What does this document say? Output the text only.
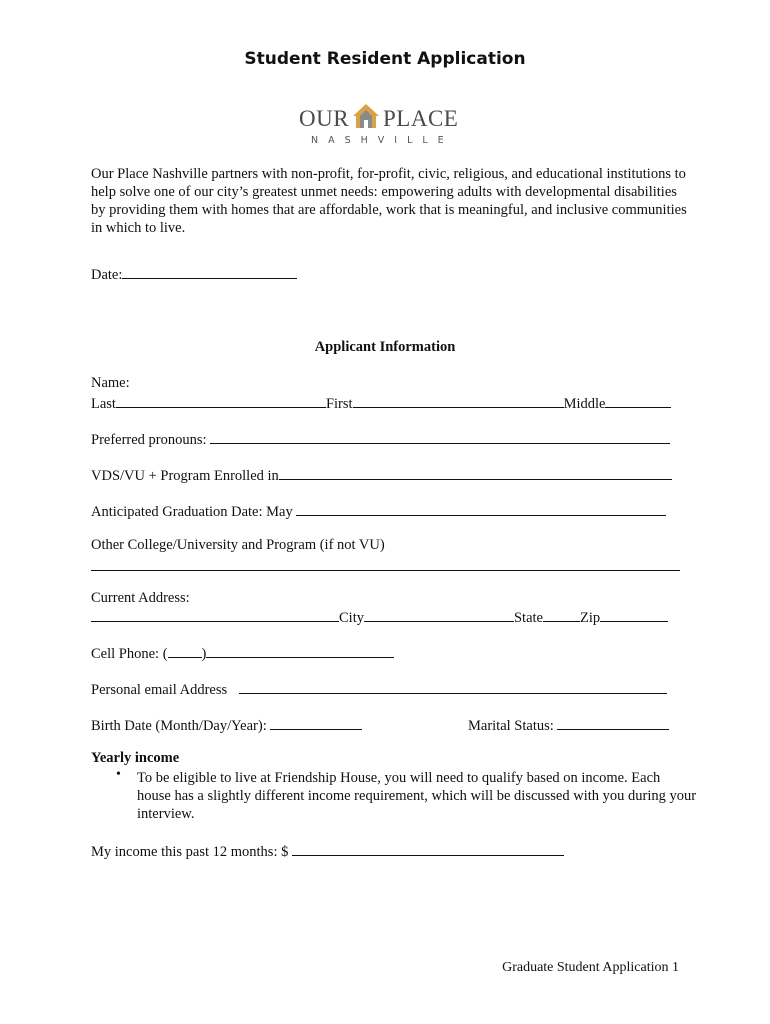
Student Resident Application
OUR PLACE
NASHVILLE
Our Place Nashville partners with non-profit, for-profit, civic, religious, and educational institutions to help solve one of our city’s greatest unmet needs: empowering adults with developmental disabilities by providing them with homes that are affordable, work that is meaningful, and inclusive communities in which to live.
Date:
Applicant Information
Name:
Last	First	Middle
Preferred pronouns:
VDS/VU + Program Enrolled in
Anticipated Graduation Date: May
Other College/University and Program (if not VU)
Current Address:
City	State	Zip
Cell Phone: ( )
Personal email Address
Birth Date (Month/Day/Year):	Marital Status:
Yearly income
• To be eligible to live at Friendship House, you will need to qualify based on income. Each house has a slightly different income requirement, which will be discussed with you during your interview.
My income this past 12 months: $
Graduate Student Application 1
